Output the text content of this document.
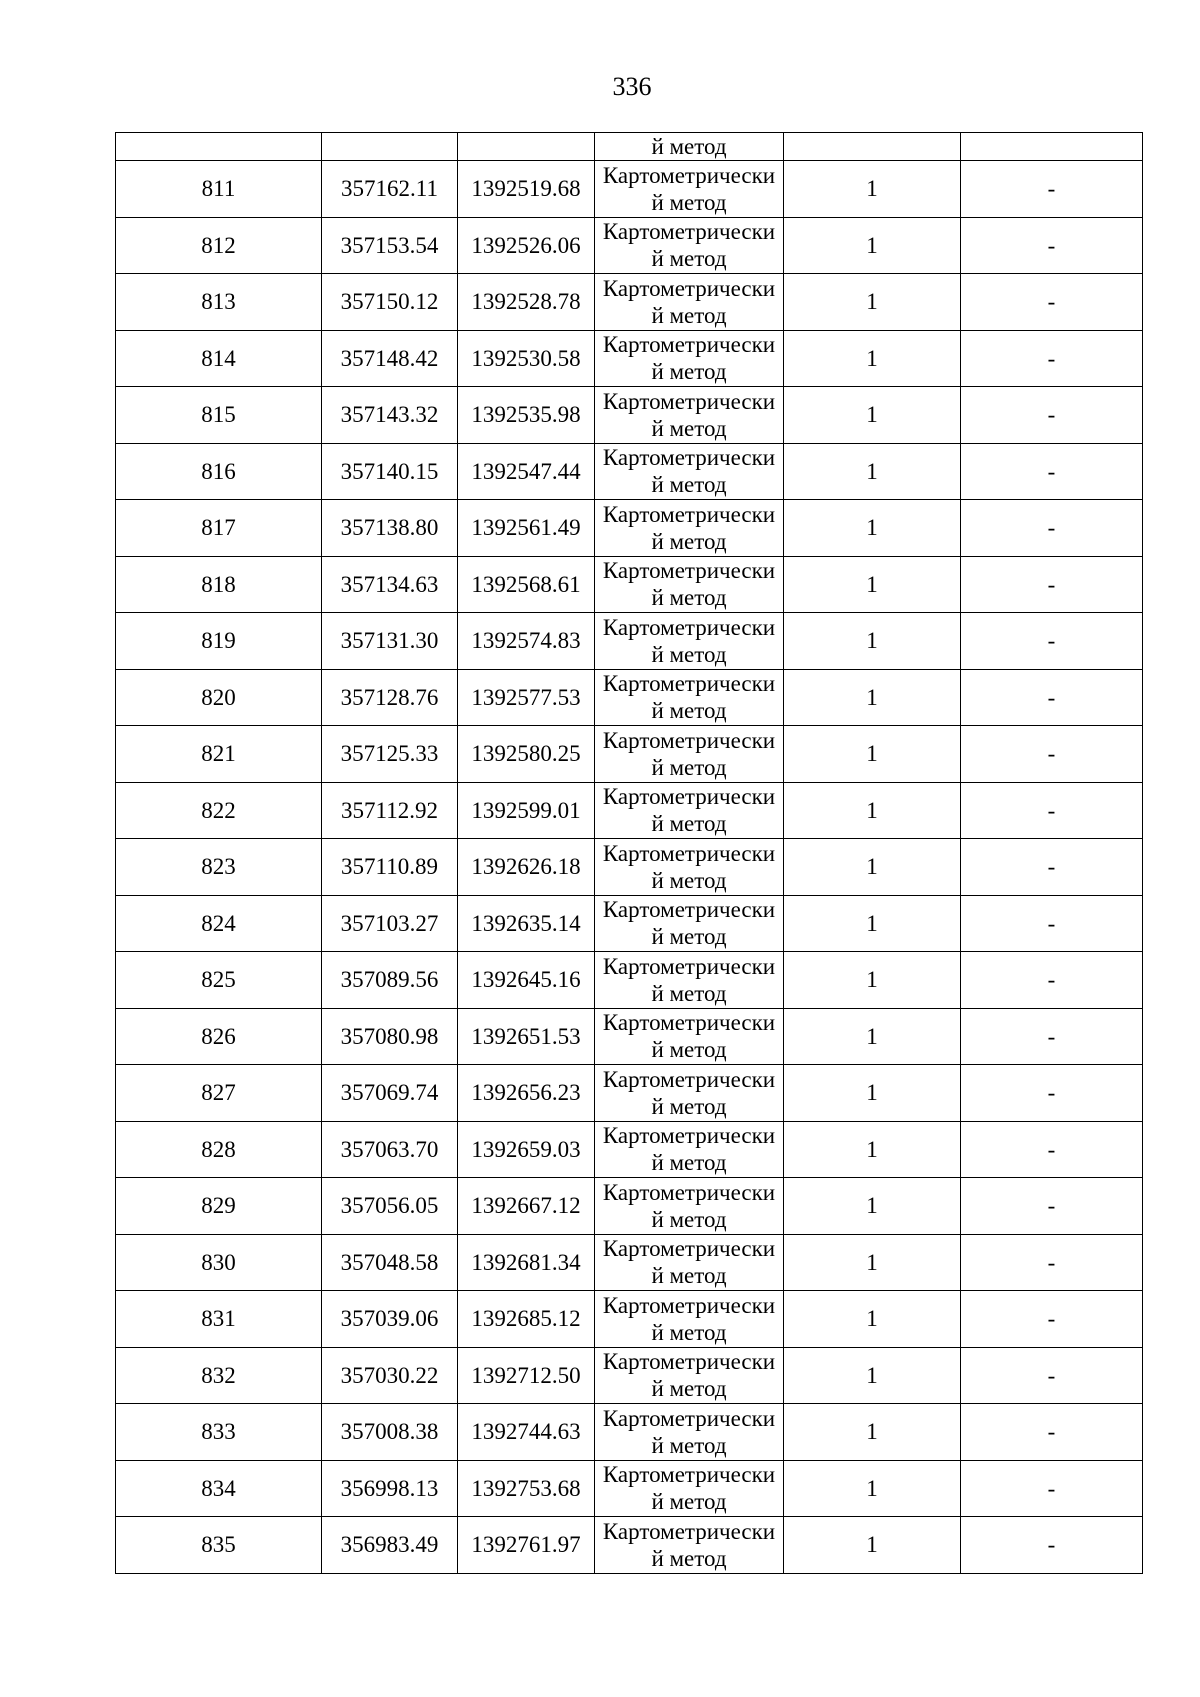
336
			й метод		
811	357162.11	1392519.68	Картометрически
й метод	1	-
812	357153.54	1392526.06	Картометрически
й метод	1	-
813	357150.12	1392528.78	Картометрически
й метод	1	-
814	357148.42	1392530.58	Картометрически
й метод	1	-
815	357143.32	1392535.98	Картометрически
й метод	1	-
816	357140.15	1392547.44	Картометрически
й метод	1	-
817	357138.80	1392561.49	Картометрически
й метод	1	-
818	357134.63	1392568.61	Картометрически
й метод	1	-
819	357131.30	1392574.83	Картометрически
й метод	1	-
820	357128.76	1392577.53	Картометрически
й метод	1	-
821	357125.33	1392580.25	Картометрически
й метод	1	-
822	357112.92	1392599.01	Картометрически
й метод	1	-
823	357110.89	1392626.18	Картометрически
й метод	1	-
824	357103.27	1392635.14	Картометрически
й метод	1	-
825	357089.56	1392645.16	Картометрически
й метод	1	-
826	357080.98	1392651.53	Картометрически
й метод	1	-
827	357069.74	1392656.23	Картометрически
й метод	1	-
828	357063.70	1392659.03	Картометрически
й метод	1	-
829	357056.05	1392667.12	Картометрически
й метод	1	-
830	357048.58	1392681.34	Картометрически
й метод	1	-
831	357039.06	1392685.12	Картометрически
й метод	1	-
832	357030.22	1392712.50	Картометрически
й метод	1	-
833	357008.38	1392744.63	Картометрически
й метод	1	-
834	356998.13	1392753.68	Картометрически
й метод	1	-
835	356983.49	1392761.97	Картометрически
й метод	1	-
